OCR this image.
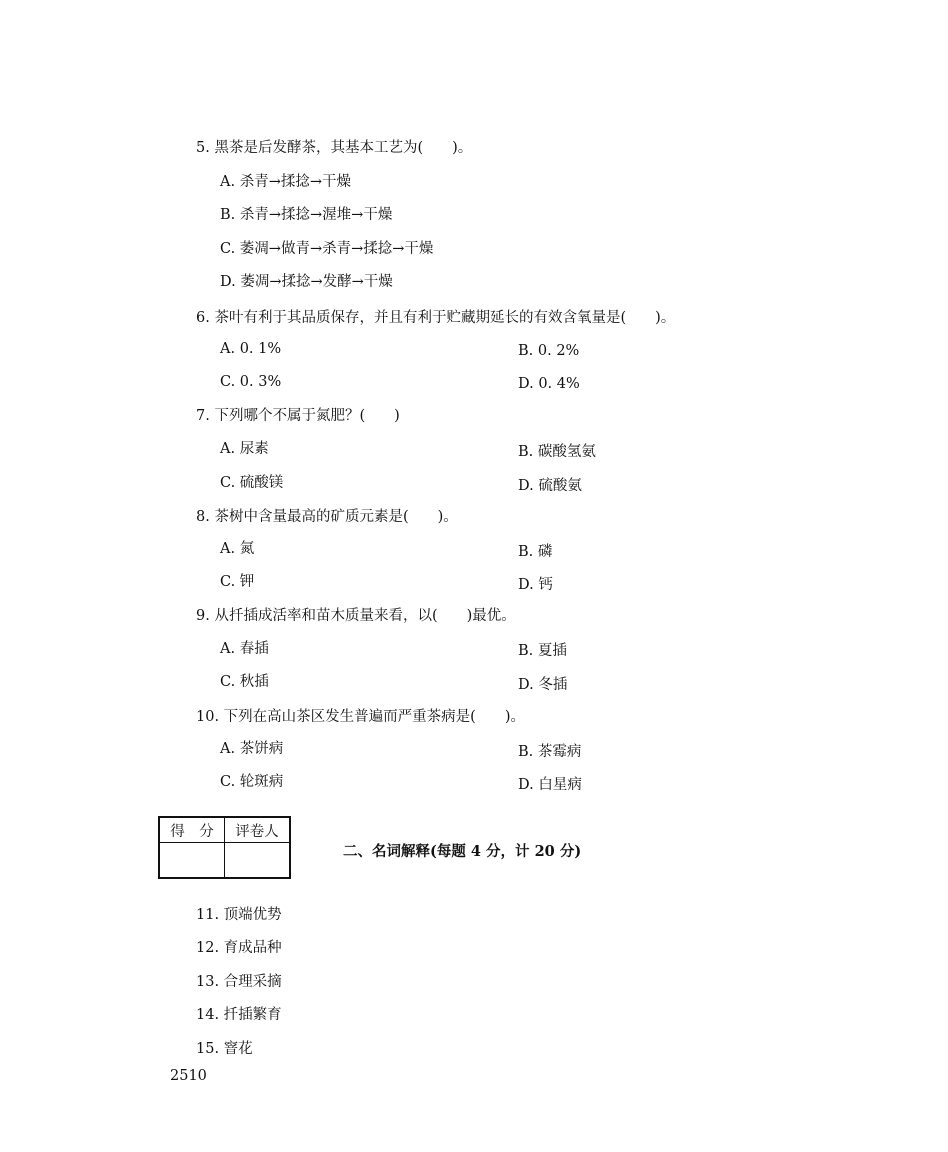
5. 黑茶是后发酵茶，其基本工艺为(　　)。
A. 杀青→揉捻→干燥
B. 杀青→揉捻→渥堆→干燥
C. 萎凋→做青→杀青→揉捻→干燥
D. 萎凋→揉捻→发酵→干燥
6. 茶叶有利于其品质保存，并且有利于贮藏期延长的有效含氧量是(　　)。
A. 0. 1%	B. 0. 2%
C. 0. 3%	D. 0. 4%
7. 下列哪个不属于氮肥？(　　)
A. 尿素	B. 碳酸氢氨
C. 硫酸镁	D. 硫酸氨
8. 茶树中含量最高的矿质元素是(　　)。
A. 氮	B. 磷
C. 钾	D. 钙
9. 从扦插成活率和苗木质量来看，以(　　)最优。
A. 春插	B. 夏插
C. 秋插	D. 冬插
10. 下列在高山茶区发生普遍而严重茶病是(　　)。
A. 茶饼病	B. 茶霉病
C. 轮斑病	D. 白星病
得　分	评卷人

二、名词解释(每题 4 分，计 20 分)
11. 顶端优势
12. 育成品种
13. 合理采摘
14. 扦插繁育
15. 窨花
2510
